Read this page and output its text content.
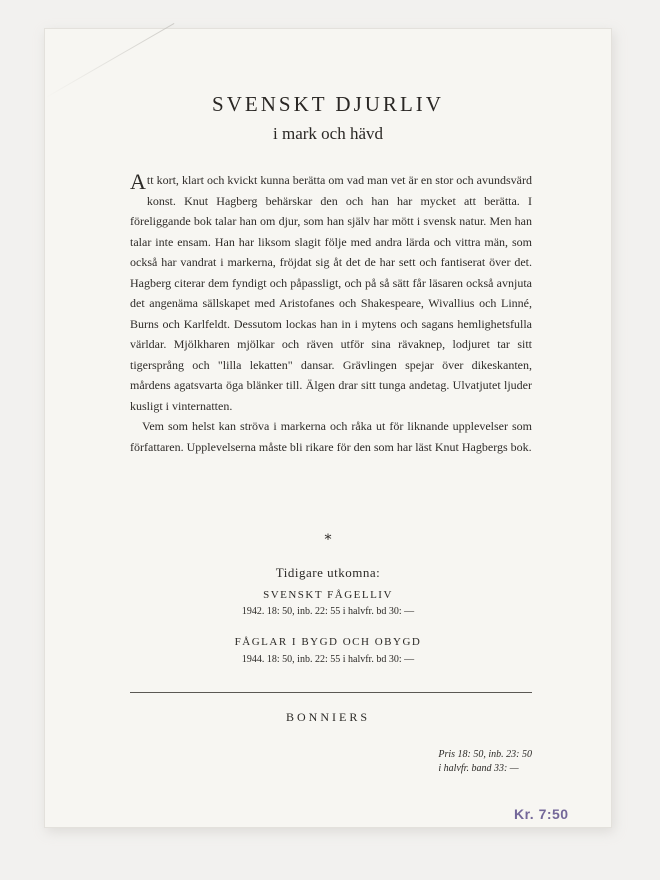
SVENSKT DJURLIV
i mark och hävd

Att kort, klart och kvickt kunna berätta om vad man vet är en stor och avundsvärd konst. Knut Hagberg behärskar den och han har mycket att berätta. I föreliggande bok talar han om djur, som han själv har mött i svensk natur. Men han talar inte ensam. Han har liksom slagit följe med andra lärda och vittra män, som också har vandrat i markerna, fröjdat sig åt det de har sett och fantiserat över det. Hagberg citerar dem fyndigt och påpassligt, och på så sätt får läsaren också avnjuta det angenäma sällskapet med Aristofanes och Shakespeare, Wivallius och Linné, Burns och Karlfeldt. Dessutom lockas han in i mytens och sagans hemlighetsfulla världar. Mjölkharen mjölkar och räven utför sina rävaknep, lodjuret tar sitt tigersprång och "lilla lekatten" dansar. Grävlingen spejar över dikeskanten, mårdens agatsvarta öga blänker till. Älgen drar sitt tunga andetag. Ulvatjutet ljuder kusligt i vinternatten.

Vem som helst kan ströva i markerna och råka ut för liknande upplevelser som författaren. Upplevelserna måste bli rikare för den som har läst Knut Hagbergs bok.

*
Tidigare utkomna:
SVENSKT FÅGELLIV
1942. 18: 50, inb. 22: 55 i halvfr. bd 30: —
FÅGLAR I BYGD OCH OBYGD
1944. 18: 50, inb. 22: 55 i halvfr. bd 30: —
BONNIERS
Pris 18: 50, inb. 23: 50
i halvfr. band 33: —
Kr. 7:50
